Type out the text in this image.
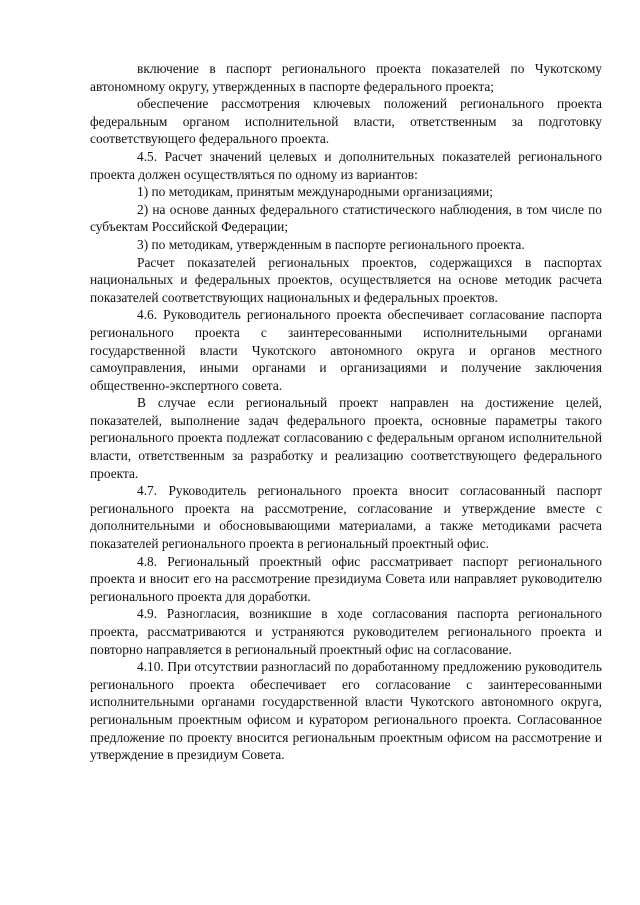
включение в паспорт регионального проекта показателей по Чукотскому автономному округу, утвержденных в паспорте федерального проекта;

обеспечение рассмотрения ключевых положений регионального проекта федеральным органом исполнительной власти, ответственным за подготовку соответствующего федерального проекта.

4.5. Расчет значений целевых и дополнительных показателей регионального проекта должен осуществляться по одному из вариантов:

1) по методикам, принятым международными организациями;

2) на основе данных федерального статистического наблюдения, в том числе по субъектам Российской Федерации;

3) по методикам, утвержденным в паспорте регионального проекта.

Расчет показателей региональных проектов, содержащихся в паспортах национальных и федеральных проектов, осуществляется на основе методик расчета показателей соответствующих национальных и федеральных проектов.

4.6. Руководитель регионального проекта обеспечивает согласование паспорта регионального проекта с заинтересованными исполнительными органами государственной власти Чукотского автономного округа и органов местного самоуправления, иными органами и организациями и получение заключения общественно-экспертного совета.

В случае если региональный проект направлен на достижение целей, показателей, выполнение задач федерального проекта, основные параметры такого регионального проекта подлежат согласованию с федеральным органом исполнительной власти, ответственным за разработку и реализацию соответствующего федерального проекта.

4.7. Руководитель регионального проекта вносит согласованный паспорт регионального проекта на рассмотрение, согласование и утверждение вместе с дополнительными и обосновывающими материалами, а также методиками расчета показателей регионального проекта в региональный проектный офис.

4.8. Региональный проектный офис рассматривает паспорт регионального проекта и вносит его на рассмотрение президиума Совета или направляет руководителю регионального проекта для доработки.

4.9. Разногласия, возникшие в ходе согласования паспорта регионального проекта, рассматриваются и устраняются руководителем регионального проекта и повторно направляется в региональный проектный офис на согласование.

4.10. При отсутствии разногласий по доработанному предложению руководитель регионального проекта обеспечивает его согласование с заинтересованными исполнительными органами государственной власти Чукотского автономного округа, региональным проектным офисом и куратором регионального проекта. Согласованное предложение по проекту вносится региональным проектным офисом на рассмотрение и утверждение в президиум Совета.
